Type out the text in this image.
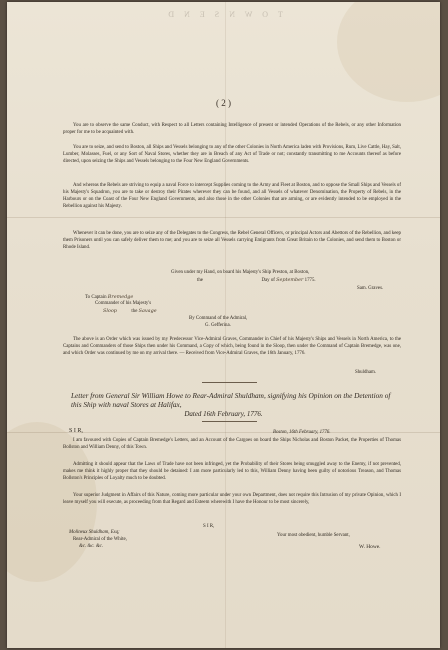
T O W N S E N D
( 2 )

You are to observe the same Conduct, with Respect to all Letters containing Intelligence of present or intended Operations of the Rebels, or any other Information proper for me to be acquainted with.

You are to seize, and send to Boston, all Ships and Vessels belonging to any of the other Colonies in North America laden with Provisions, Rum, Live Cattle, Hay, Salt, Lumber, Molasses, Fuel, or any Sort of Naval Stores, whether they are in Breach of any Act of Trade or not; constantly transmitting to me Accounts thereof as before directed, upon seizing the Ships and Vessels belonging to the Four New England Governments.

And whereas the Rebels are striving to equip a naval Force to intercept Supplies coming to the Army and Fleet at Boston, and to oppose the Small Ships and Vessels of his Majesty's Squadron, you are to take or destroy their Pirates wherever they can be found, and all Vessels of whatever Denomination, the Property of Rebels, in the Harbours or on the Coast of the Four New England Governments, and also those in the other Colonies that are arming, or are evidently intended to be employed in the Rebellion against his Majesty.

Whenever it can be done, you are to seize any of the Delegates to the Congress, the Rebel General Officers, or principal Actors and Abettors of the Rebellion, and keep them Prisoners until you can safely deliver them to me; and you are to seize all Vessels carrying Emigrants from Great Britain to the Colonies, and send them to Boston or Rhode Island.

Given under my Hand, on board his Majesty's Ship Preston, at Boston,

the	Day of September 1775.

Sam. Graves.

To Captain Bremedge

Commander of his Majesty's

Sloop	the Savage

By Command of the Admiral,

G. Gefferina.

The above is an Order which was issued by my Predecessor Vice-Admiral Graves, Commander in Chief of his Majesty's Ships and Vessels in North America, to the Captains and Commanders of those Ships then under his Command, a Copy of which, being found in the Sloop, then under the Command of Captain Bremedge, was one, and which Order was continued by me on my arrival there. — Received from Vice-Admiral Graves, the 16th January, 1776.

Shuldham.

Letter from General Sir William Howe to Rear-Admiral Shuldham, signifying his Opinion on the Detention of this Ship with naval Stores at Halifax,

Dated 16th February, 1776.

S I R,	Boston, 16th February, 1776.

I am favoured with Copies of Captain Bremedge's Letters, and an Account of the Cargoes on board the Ships Nicholas and Boston Packet, the Properties of Thomas Bollston and William Denny, of this Town.

Admitting it should appear that the Laws of Trade have not been infringed, yet the Probability of their Stores being smuggled away to the Enemy, if not prevented, makes me think it highly proper that they should be detained: I am more particularly led to this, William Denny having been guilty of notorious Treason, and Thomas Bollston's Principles of Loyalty much to be doubted.

Your superior Judgment in Affairs of this Nature, coming more particular under your own Department, does not require this Intrusion of my private Opinion, which I leave myself you will execute, as proceeding from that Regard and Esteem wherewith I have the Honour to be most sincerely,

S I R,

Your most obedient, humble Servant,

Molineux Shuldham, Esq;

Rear-Admiral of the White,

&c. &c. &c.	W. Howe.
